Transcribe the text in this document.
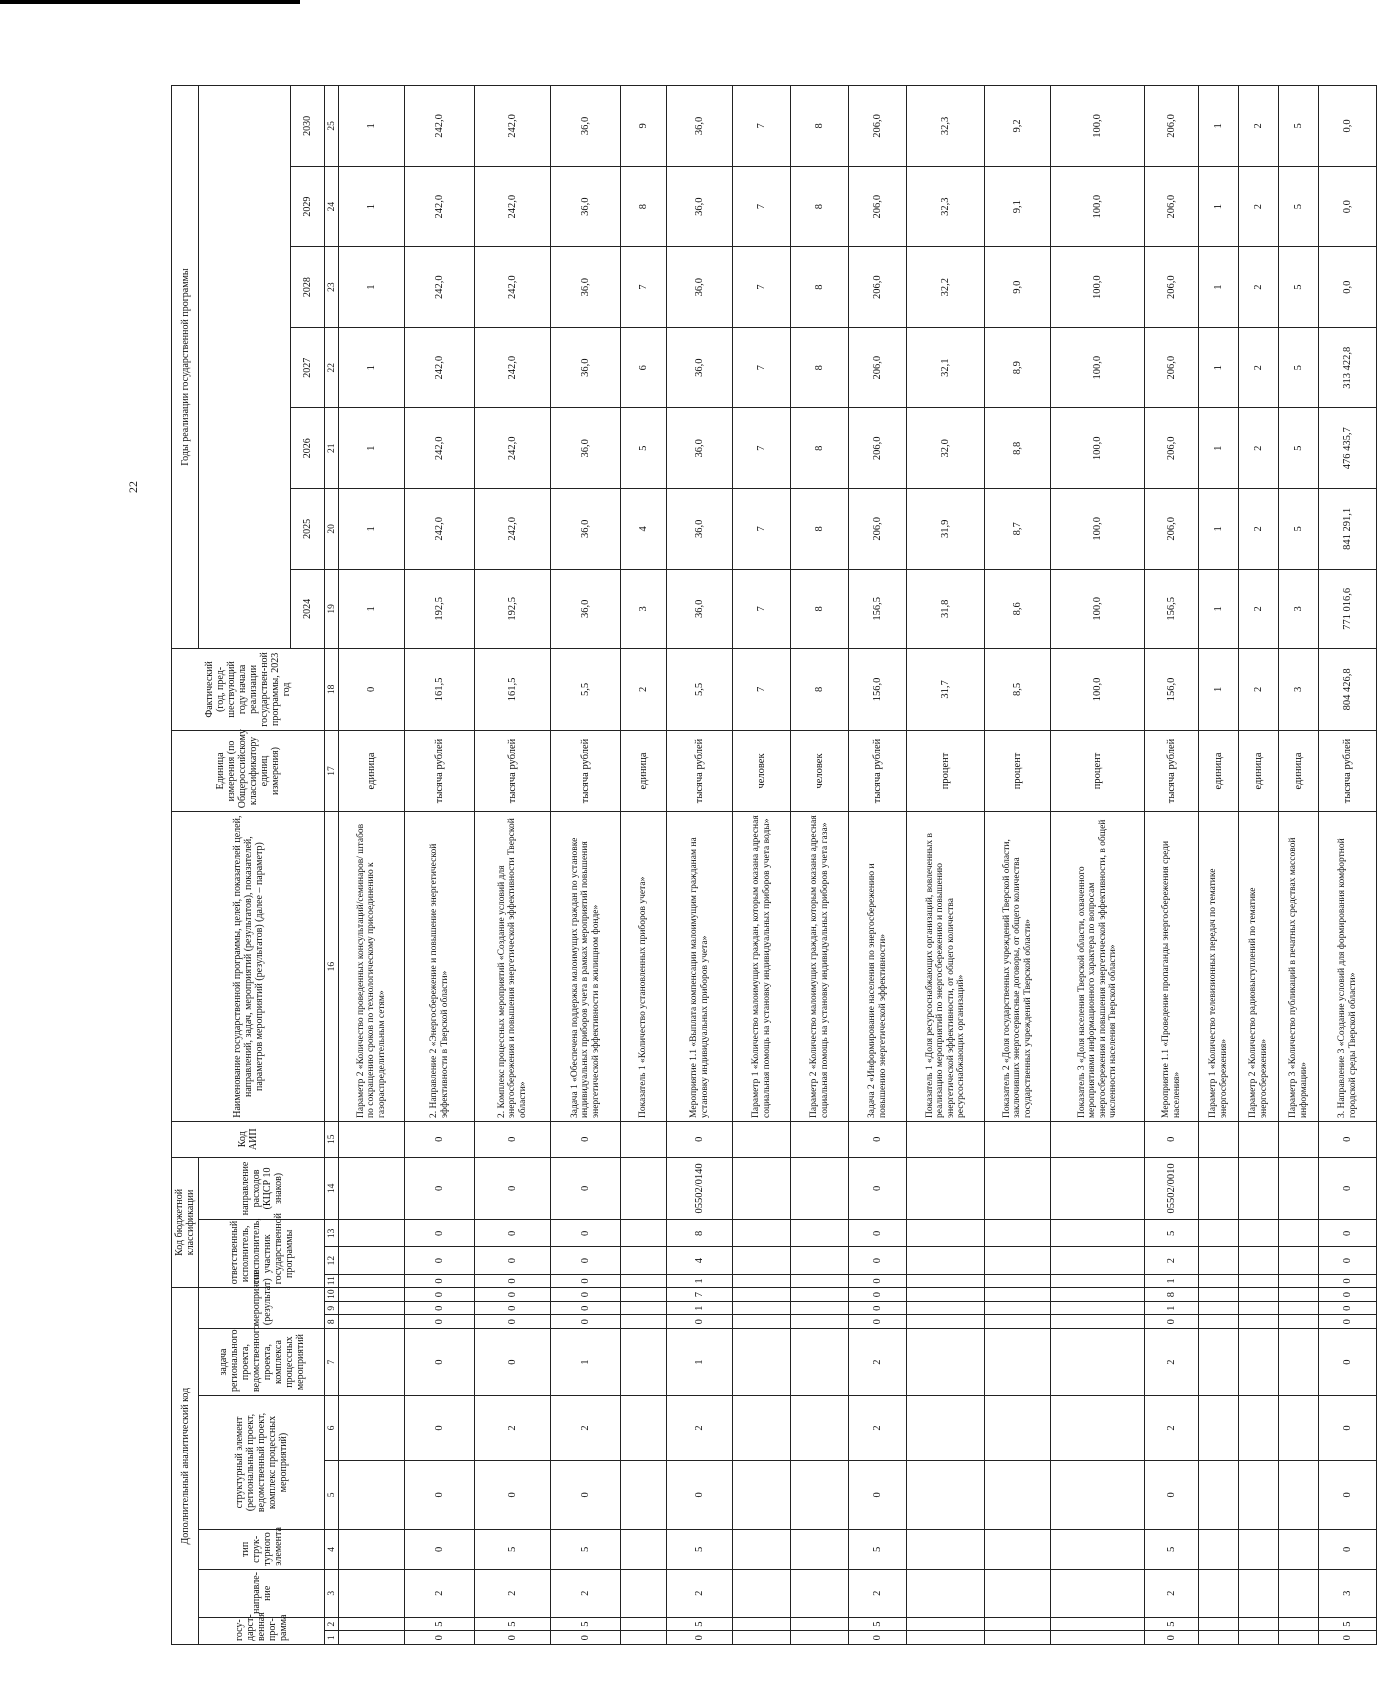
22
Дополнительный аналитический код										Код бюджетной классификации				Код АИП	Наименование государственной программы, целей, показателей целей, направлений, задач, мероприятий (результатов), показателей, параметров мероприятий (результатов) (далее – параметр)	Единица измерения (по Общероссийскому классификатору единиц измерения)	Фактический (год, пред-шествующий году начала реализации государствен-ной программы, 2023 год	Годы реализации государственной программы						
госу-дарст-венная прог-рамма		направле-ние	тип струк-турного элемента	структурный элемент (региональный проект, ведомственный проект, комплекс процессных мероприятий)		задача регионального проекта, ведомственного проекта, комплекса процессных мероприятий	мероприятие (результат)			ответственный исполнитель, соисполнитель, участник государственной программы			направление расходов (КЦСР 10 знаков)											
																		2024	2025	2026	2027	2028	2029	2030
1	2	3	4	5	6	7	8	9	10	11	12	13	14	15	16	17	18	19	20	21	22	23	24	25
															Параметр 2 «Количество проведенных консультаций/семинаров/ штабов по сокращению сроков по технологическому присоединению к газораспределительным сетям»	единица	0	1	1	1	1	1	1	1
0	5	2	0	0	0	0	0	0	0	0	0	0	0	0	2. Направление 2 «Энергосбережение и повышение энергетической эффективности в Тверской области»	тысяча рублей	161,5	192,5	242,0	242,0	242,0	242,0	242,0	242,0
0	5	2	5	0	2	0	0	0	0	0	0	0	0	0	2. Комплекс процессных мероприятий «Создание условий для энергосбережения и повышения энергетической эффективности Тверской области»	тысяча рублей	161,5	192,5	242,0	242,0	242,0	242,0	242,0	242,0
0	5	2	5	0	2	1	0	0	0	0	0	0	0	0	Задача 1 «Обеспечена поддержка малоимущих граждан по установке индивидуальных приборов учета в рамках мероприятий повышения энергетической эффективности в жилищном фонде»	тысяча рублей	5,5	36,0	36,0	36,0	36,0	36,0	36,0	36,0
															Показатель 1 «Количество установленных приборов учета»	единица	2	3	4	5	6	7	8	9
0	5	2	5	0	2	1	0	1	7	1	4	8	05502/0140	0	Мероприятие 1.1 «Выплата компенсации малоимущим гражданам на установку индивидуальных приборов учета»	тысяча рублей	5,5	36,0	36,0	36,0	36,0	36,0	36,0	36,0
															Параметр 1 «Количество малоимущих граждан, которым оказана адресная социальная помощь на установку индивидуальных приборов учета воды»	человек	7	7	7	7	7	7	7	7
															Параметр 2 «Количество малоимущих граждан, которым оказана адресная социальная помощь на установку индивидуальных приборов учета газа»	человек	8	8	8	8	8	8	8	8
0	5	2	5	0	2	2	0	0	0	0	0	0	0	0	Задача 2 «Информирование населения по энергосбережению и повышению энергетической эффективности»	тысяча рублей	156,0	156,5	206,0	206,0	206,0	206,0	206,0	206,0
															Показатель 1 «Доля ресурсоснабжающих организаций, вовлеченных в реализацию мероприятий по энергосбережению и повышению энергетической эффективности, от общего количества ресурсоснабжающих организаций»	процент	31,7	31,8	31,9	32,0	32,1	32,2	32,3	32,3
															Показатель 2 «Доля государственных учреждений Тверской области, заключивших энергосервисные договоры, от общего количества государственных учреждений Тверской области»	процент	8,5	8,6	8,7	8,8	8,9	9,0	9,1	9,2
															Показатель 3 «Доля населения Тверской области, охваченного мероприятиями информационного характера по вопросам энергосбережения и повышения энергетической эффективности, в общей численности населения Тверской области»	процент	100,0	100,0	100,0	100,0	100,0	100,0	100,0	100,0
0	5	2	5	0	2	2	0	1	8	1	2	5	05502/0010	0	Мероприятие 1.1 «Проведение пропаганды энергосбережения среди населения»	тысяча рублей	156,0	156,5	206,0	206,0	206,0	206,0	206,0	206,0
															Параметр 1 «Количество телевизионных передач по тематике энергосбережения»	единица	1	1	1	1	1	1	1	1
															Параметр 2 «Количество радиовыступлений по тематике энергосбережения»	единица	2	2	2	2	2	2	2	2
															Параметр 3 «Количество публикаций в печатных средствах массовой информации»	единица	3	3	5	5	5	5	5	5
0	5	3	0	0	0	0	0	0	0	0	0	0	0	0	3. Направление 3 «Создание условий для формирования комфортной городской среды Тверской области»	тысяча рублей	804 426,8	771 016,6	841 291,1	476 435,7	313 422,8	0,0	0,0	0,0
